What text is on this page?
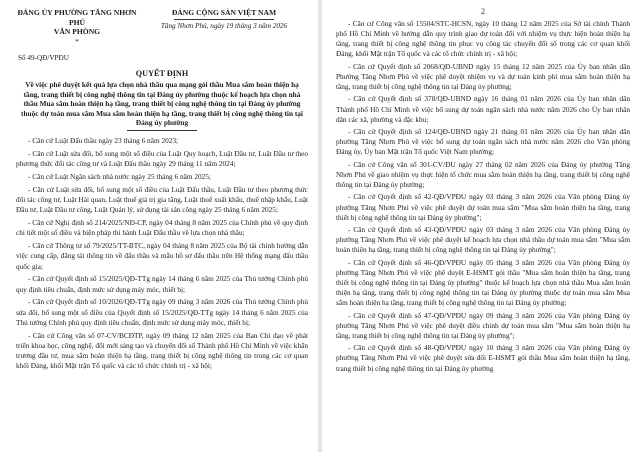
ĐẢNG ỦY PHƯỜNG TĂNG NHƠN PHÚ
VĂN PHÒNG
*
ĐẢNG CỘNG SẢN VIỆT NAM
Tăng Nhơn Phú, ngày 19 tháng 3 năm 2026
Số 49-QĐ/VPĐU
QUYẾT ĐỊNH
Về việc phê duyệt kết quả lựa chọn nhà thầu qua mạng gói thầu Mua sắm hoàn thiện hạ tầng, trang thiết bị công nghệ thông tin tại Đảng ủy phường thuộc kế hoạch lựa chọn nhà thầu Mua sắm hoàn thiện hạ tầng, trang thiết bị công nghệ thông tin tại Đảng ủy phường thuộc dự toán mua sắm Mua sắm hoàn thiện hạ tầng, trang thiết bị công nghệ thông tin tại Đảng ủy phường

- Căn cứ Luật Đấu thầu ngày 23 tháng 6 năm 2023;

- Căn cứ Luật sửa đổi, bổ sung một số điều của Luật Quy hoạch, Luật Đầu tư, Luật Đầu tư theo phương thức đối tác công tư và Luật Đấu thầu ngày 29 tháng 11 năm 2024;

- Căn cứ Luật Ngân sách nhà nước ngày 25 tháng 6 năm 2025;

- Căn cứ Luật sửa đổi, bổ sung một số điều của Luật Đấu thầu, Luật Đầu tư theo phương thức đối tác công tư, Luật Hải quan, Luật thuế giá trị gia tăng, Luật thuế xuất khẩu, thuế nhập khẩu, Luật Đầu tư, Luật Đầu tư công, Luật Quản lý, sử dụng tài sản công ngày 25 tháng 6 năm 2025;

- Căn cứ Nghị định số 214/2025/NĐ-CP, ngày 04 tháng 8 năm 2025 của Chính phủ về quy định chi tiết một số điều và biện pháp thi hành Luật Đấu thầu về lựa chọn nhà thầu;

- Căn cứ Thông tư số 79/2025/TT-BTC, ngày 04 tháng 8 năm 2025 của Bộ tài chính hướng dẫn việc cung cấp, đăng tải thông tin về đấu thầu và mẫu hồ sơ đấu thầu trên Hệ thống mạng đấu thầu quốc gia;

- Căn cứ Quyết định số 15/2025/QĐ-TTg ngày 14 tháng 6 năm 2025 của Thủ tướng Chính phủ quy định tiêu chuẩn, định mức sử dụng máy móc, thiết bị;

- Căn cứ Quyết định số 10/2026/QĐ-TTg ngày 09 tháng 3 năm 2026 của Thủ tướng Chính phủ sửa đổi, bổ sung một số điều của Quyết định số 15/2025/QĐ-TTg ngày 14 tháng 6 năm 2025 của Thủ tướng Chính phủ quy định tiêu chuẩn, định mức sử dụng máy móc, thiết bị;

- Căn cứ Công văn số 07-CV/BCĐTP, ngày 09 tháng 12 năm 2025 của Ban Chỉ đạo về phát triển khoa học, công nghệ, đổi mới sáng tạo và chuyển đổi số Thành phố Hồ Chí Minh về việc khẩn trương đầu tư, mua sắm hoàn thiện hạ tầng, trang thiết bị công nghệ thông tin trong các cơ quan khối Đảng, khối Mặt trận Tổ quốc và các tổ chức chính trị - xã hội;

2

- Căn cứ Công văn số 15504/STC-HCSN, ngày 10 tháng 12 năm 2025 của Sở tài chính Thành phố Hồ Chí Minh về hướng dẫn quy trình giao dự toán đối với nhiệm vụ thực hiện hoàn thiện hạ tầng, trang thiết bị công nghệ thông tin phục vụ công tác chuyển đổi số trong các cơ quan khối Đảng, khối Mặt trận Tổ quốc và các tổ chức chính trị - xã hội;

- Căn cứ Quyết định số 2068/QĐ-UBND ngày 15 tháng 12 năm 2025 của Ủy ban nhân dân Phường Tăng Nhơn Phú về việc phê duyệt nhiệm vụ và dự toán kinh phí mua sắm hoàn thiện hạ tầng, trang thiết bị công nghệ thông tin tại Đảng ủy phường;

- Căn cứ Quyết định số 378/QĐ-UBND ngày 16 tháng 01 năm 2026 của Ủy ban nhân dân Thành phố Hồ Chí Minh về việc bổ sung dự toán ngân sách nhà nước năm 2026 cho Ủy ban nhân dân các xã, phường và đặc khu;

- Căn cứ Quyết định số 124/QĐ-UBND ngày 21 tháng 01 năm 2026 của Ủy ban nhân dân phường Tăng Nhơn Phú về việc bổ sung dự toán ngân sách nhà nước năm 2026 cho Văn phòng Đảng ủy, Ủy ban Mặt trận Tổ quốc Việt Nam phường;

- Căn cứ Công văn số 301-CV/ĐU ngày 27 tháng 02 năm 2026 của Đảng ủy phường Tăng Nhơn Phú về giao nhiệm vụ thực hiện tổ chức mua sắm hoàn thiện hạ tầng, trang thiết bị công nghệ thông tin tại Đảng ủy phường;

- Căn cứ Quyết định số 42-QĐ/VPĐU ngày 03 tháng 3 năm 2026 của Văn phòng Đảng ủy phường Tăng Nhơn Phú về việc phê duyệt dự toán mua sắm "Mua sắm hoàn thiện hạ tầng, trang thiết bị công nghệ thông tin tại Đảng ủy phường";

- Căn cứ Quyết định số 43-QĐ/VPĐU ngày 03 tháng 3 năm 2026 của Văn phòng Đảng ủy phường Tăng Nhơn Phú về việc phê duyệt kế hoạch lựa chọn nhà thầu dự toán mua sắm "Mua sắm hoàn thiện hạ tầng, trang thiết bị công nghệ thông tin tại Đảng ủy phường";

- Căn cứ Quyết định số 46-QĐ/VPĐU ngày 05 tháng 3 năm 2026 của Văn phòng Đảng ủy phường Tăng Nhơn Phú về việc phê duyệt E-HSMT gói thầu "Mua sắm hoàn thiện hạ tầng, trang thiết bị công nghệ thông tin tại Đảng ủy phường" thuộc kế hoạch lựa chọn nhà thầu Mua sắm hoàn thiện hạ tầng, trang thiết bị công nghệ thông tin tại Đảng ủy phường thuộc dự toán mua sắm Mua sắm hoàn thiện hạ tầng, trang thiết bị công nghệ thông tin tại Đảng ủy phường;

- Căn cứ Quyết định số 47-QĐ/VPĐU ngày 09 tháng 3 năm 2026 của Văn phòng Đảng ủy phường Tăng Nhơn Phú về việc phê duyệt điều chỉnh dự toán mua sắm "Mua sắm hoàn thiện hạ tầng, trang thiết bị công nghệ thông tin tại Đảng ủy phường";

- Căn cứ Quyết định số 48-QĐ/VPĐU ngày 10 tháng 3 năm 2026 của Văn phòng Đảng ủy phường Tăng Nhơn Phú về việc phê duyệt sửa đổi E-HSMT gói thầu Mua sắm hoàn thiện hạ tầng, trang thiết bị công nghệ thông tin tại Đảng ủy phường
